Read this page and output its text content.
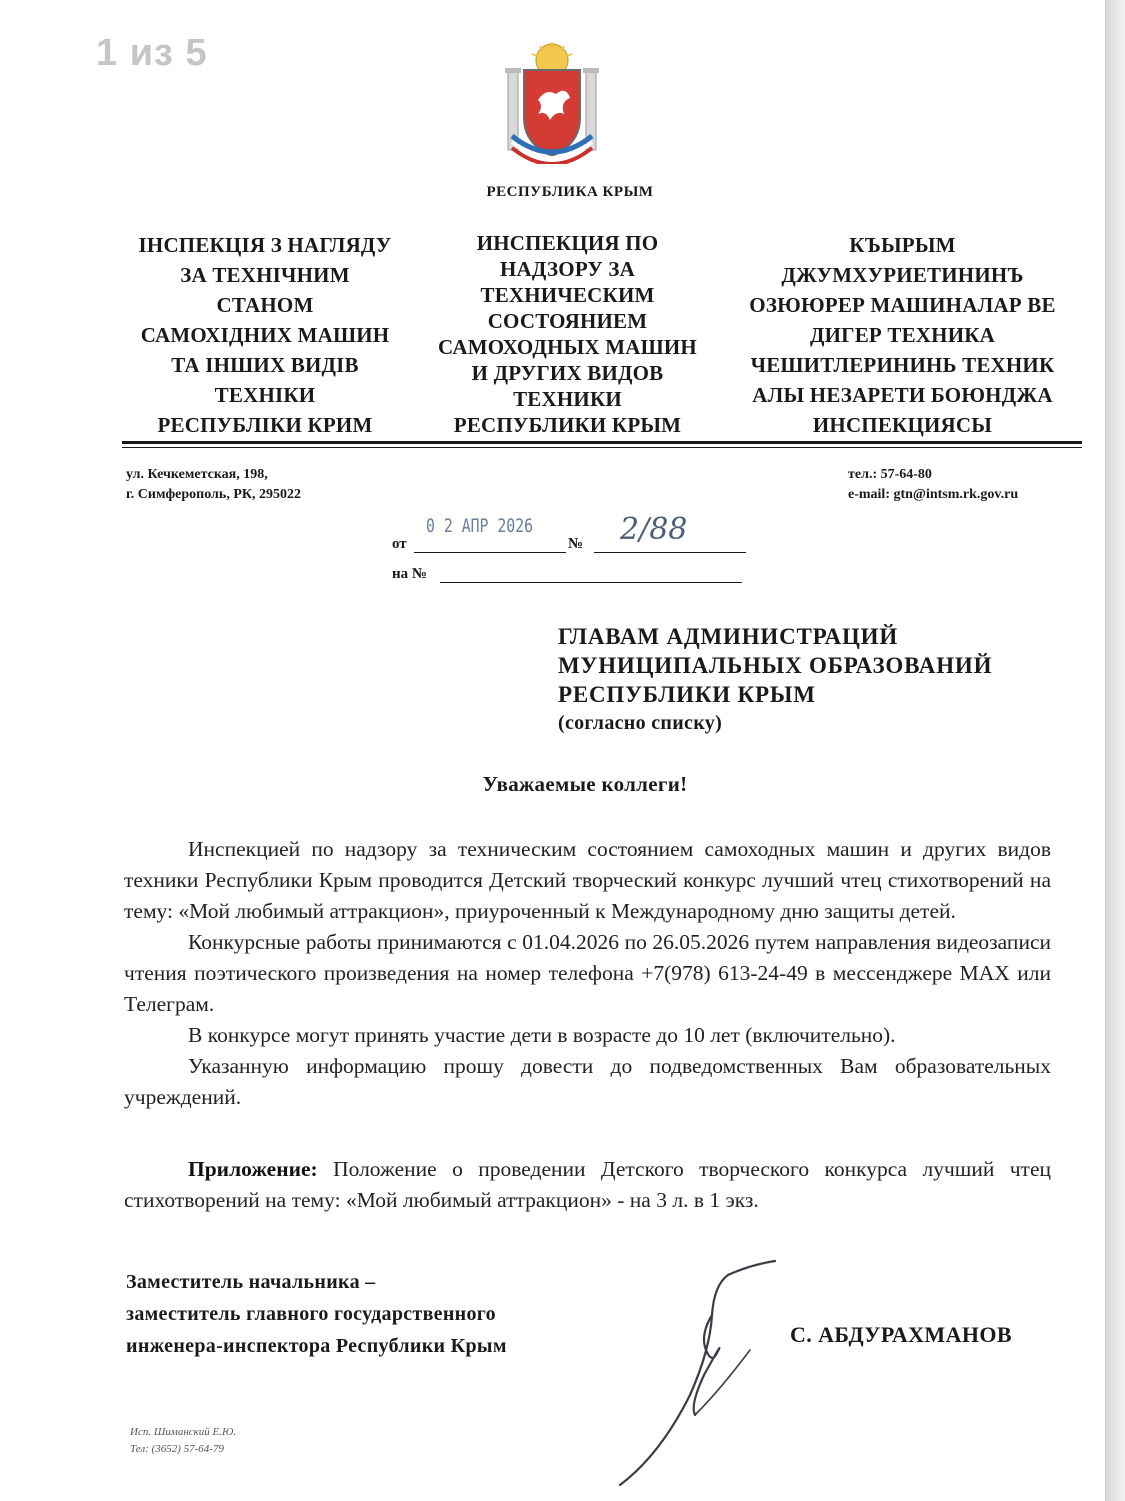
1 из 5
РЕСПУБЛИКА КРЫМ
ІНСПЕКЦІЯ З НАГЛЯДУ
ЗА ТЕХНІЧНИМ
СТАНОМ
САМОХІДНИХ МАШИН
ТА ІНШИХ ВИДІВ
ТЕХНІКИ
РЕСПУБЛІКИ КРИМ
ИНСПЕКЦИЯ ПО
НАДЗОРУ ЗА
ТЕХНИЧЕСКИМ
СОСТОЯНИЕМ
САМОХОДНЫХ МАШИН
И ДРУГИХ ВИДОВ
ТЕХНИКИ
РЕСПУБЛИКИ КРЫМ
КЪЫРЫМ
ДЖУМХУРИЕТИНИНЪ
ОЗЮЮРЕР МАШИНАЛАР ВЕ
ДИГЕР ТЕХНИКА
ЧЕШИТЛЕРИНИНЬ ТЕХНИК
АЛЫ НЕЗАРЕТИ БОЮНДЖА
ИНСПЕКЦИЯСЫ
ул. Кечкеметская, 198,
г. Симферополь, РК, 295022
тел.: 57-64-80
e-mail: gtn@intsm.rk.gov.ru
от
0 2 АПР 2026
№ 2/88
на №
ГЛАВАМ АДМИНИСТРАЦИЙ
МУНИЦИПАЛЬНЫХ ОБРАЗОВАНИЙ
РЕСПУБЛИКИ КРЫМ
(согласно списку)
Уважаемые коллеги!

Инспекцией по надзору за техническим состоянием самоходных машин и других видов техники Республики Крым проводится Детский творческий конкурс лучший чтец стихотворений на тему: «Мой любимый аттракцион», приуроченный к Международному дню защиты детей.

Конкурсные работы принимаются с 01.04.2026 по 26.05.2026 путем направления видеозаписи чтения поэтического произведения на номер телефона +7(978) 613-24-49 в мессенджере MAX или Телеграм.

В конкурсе могут принять участие дети в возрасте до 10 лет (включительно).

Указанную информацию прошу довести до подведомственных Вам образовательных учреждений.

Приложение: Положение о проведении Детского творческого конкурса лучший чтец стихотворений на тему: «Мой любимый аттракцион» - на 3 л. в 1 экз.
Заместитель начальника –
заместитель главного государственного
инженера-инспектора Республики Крым	С. АБДУРАХМАНОВ
Исп. Шиманский Е.Ю.
Тел: (3652) 57-64-79
